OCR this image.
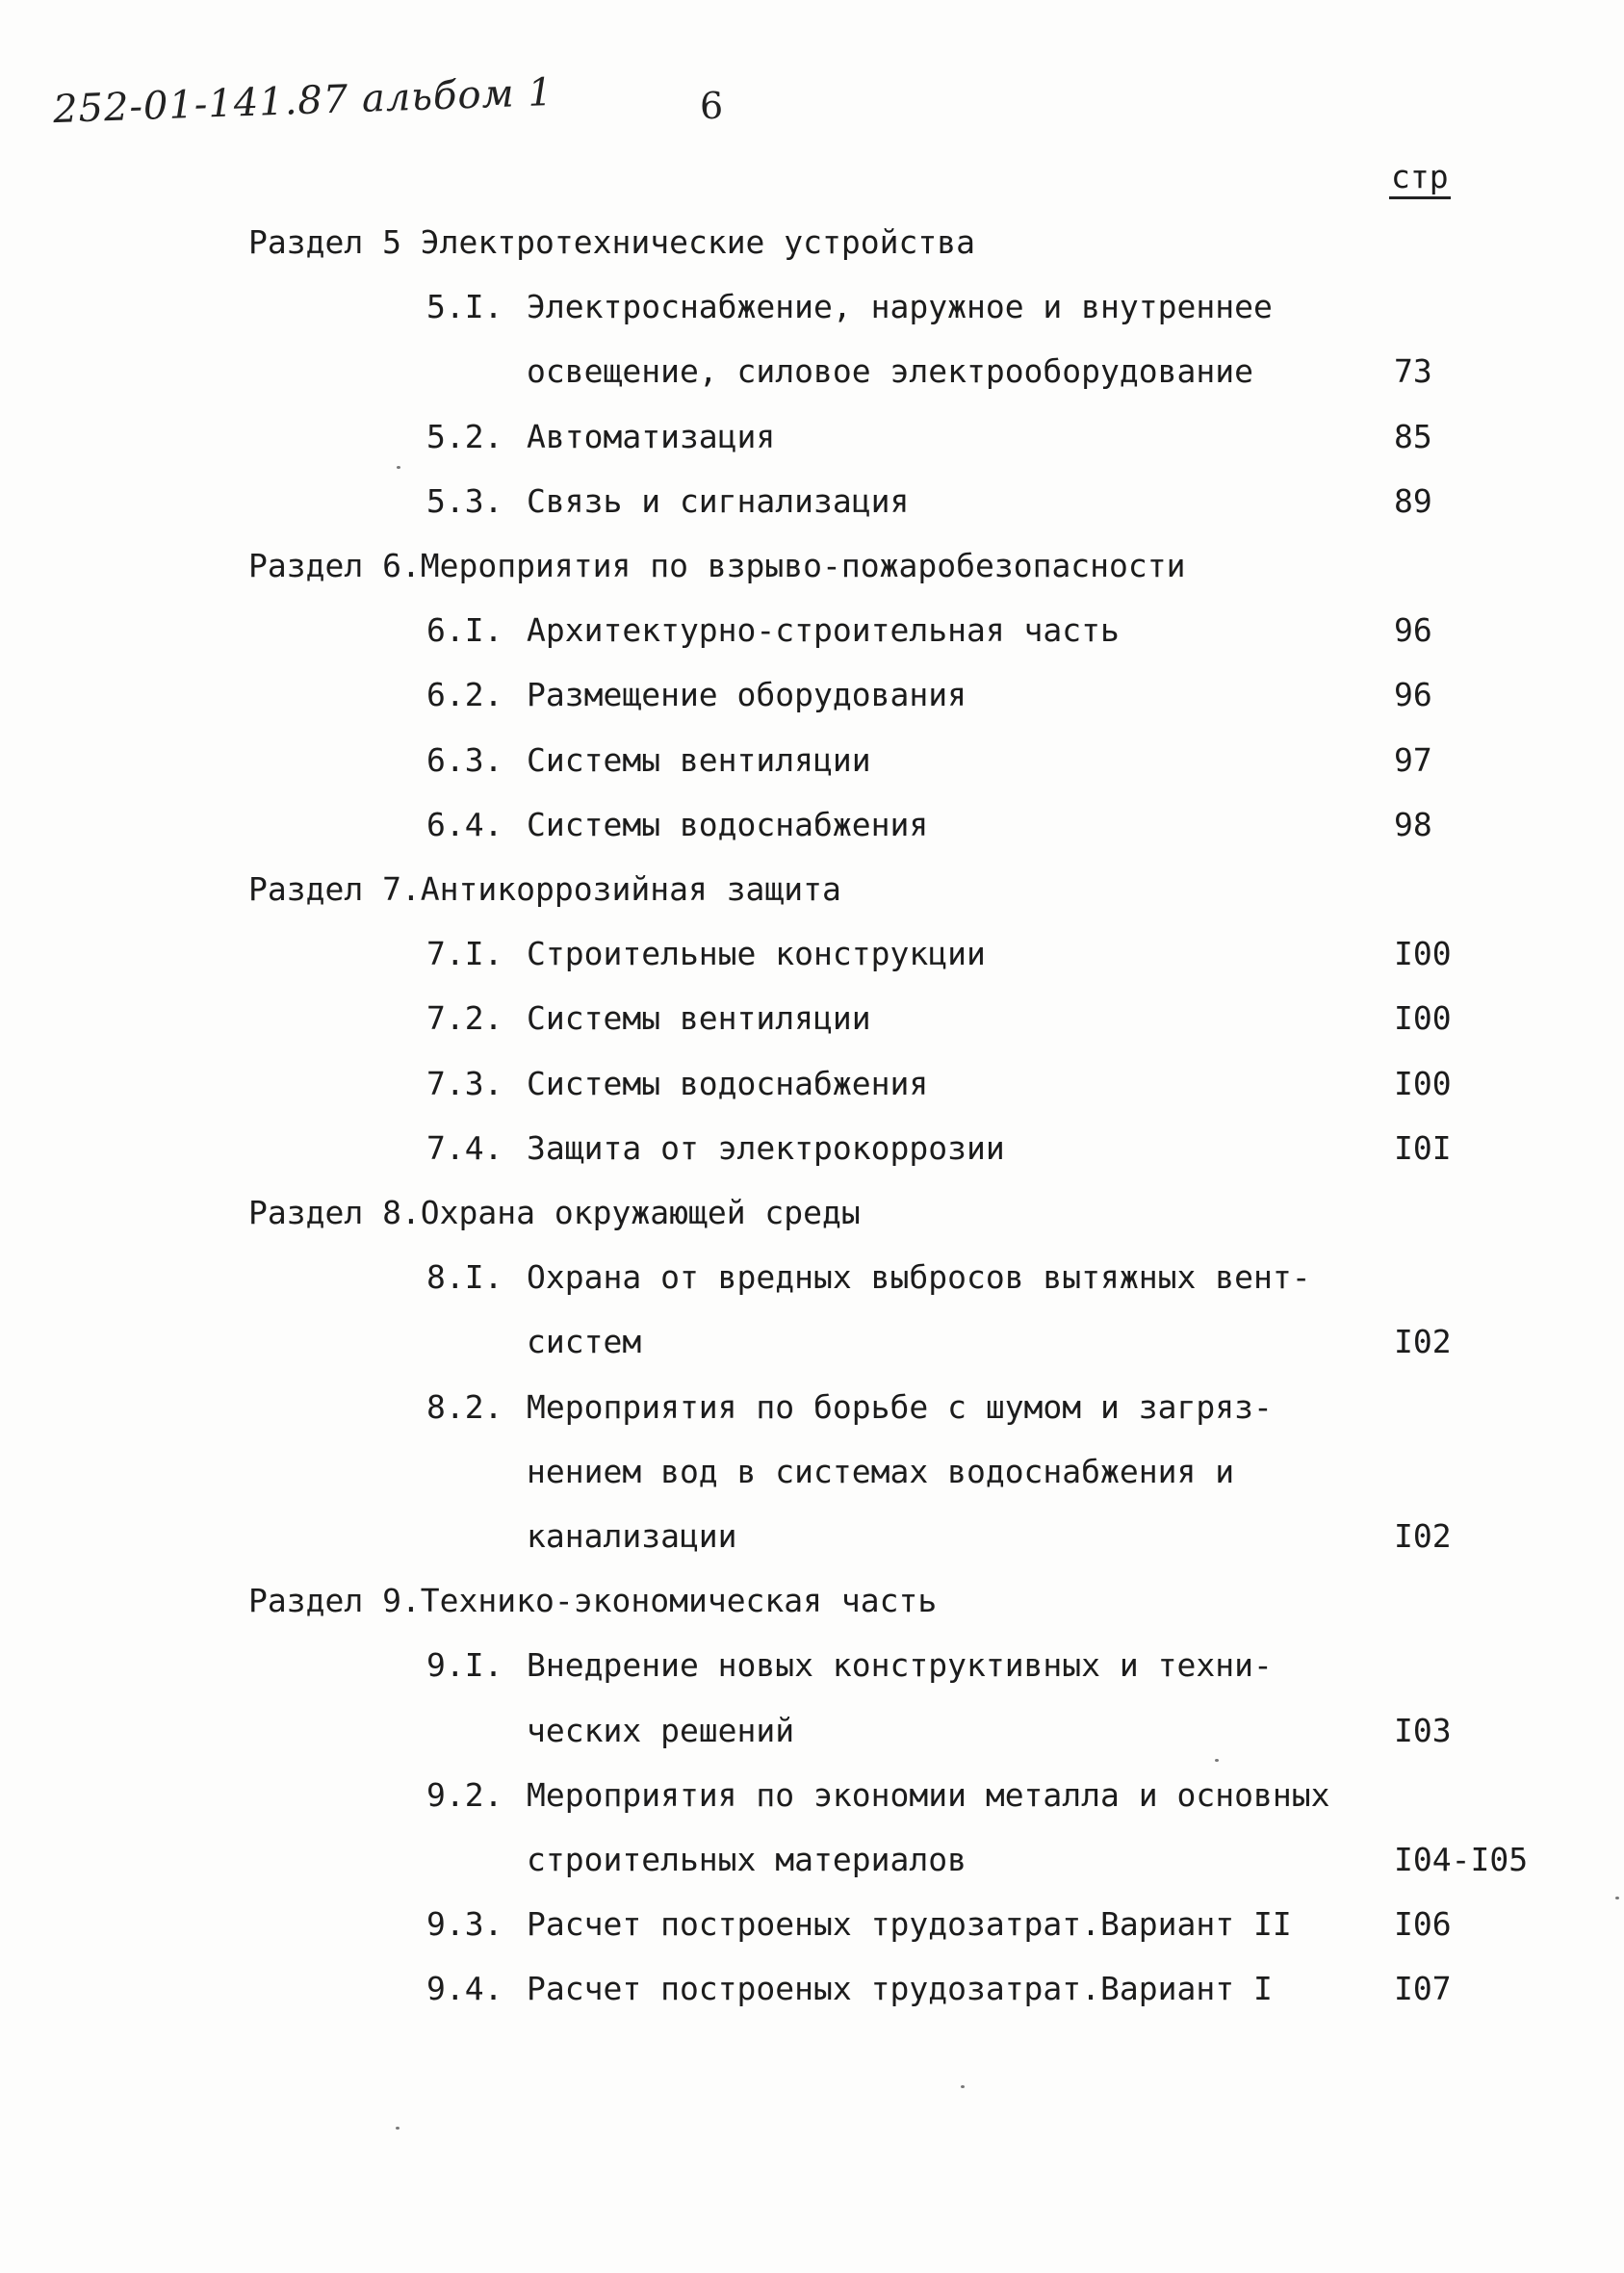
252-01-141.87 альбом 1	6
стр
Раздел 5 Электротехнические устройства
5.I. Электроснабжение, наружное и внутреннее
освещение, силовое электрооборудование	73
5.2. Автоматизация	85
5.3. Связь и сигнализация	89
Раздел 6.Мероприятия по взрыво-пожаробезопасности
6.I. Архитектурно-строительная часть	96
6.2. Размещение оборудования	96
6.3. Системы вентиляции	97
6.4. Системы водоснабжения	98
Раздел 7.Антикоррозийная защита
7.I. Строительные конструкции	I00
7.2. Системы вентиляции	I00
7.3. Системы водоснабжения	I00
7.4. Защита от электрокоррозии	I0I
Раздел 8.Охрана окружающей среды
8.I. Охрана от вредных выбросов вытяжных вент-
систем	I02
8.2. Мероприятия по борьбе с шумом и загряз-
нением вод в системах водоснабжения и
канализации	I02
Раздел 9.Технико-экономическая часть
9.I. Внедрение новых конструктивных и техни-
ческих решений	I03
9.2. Мероприятия по экономии металла и основных
строительных материалов	I04-I05
9.3. Расчет построеных трудозатрат.Вариант II	I06
9.4. Расчет построеных трудозатрат.Вариант I	I07
